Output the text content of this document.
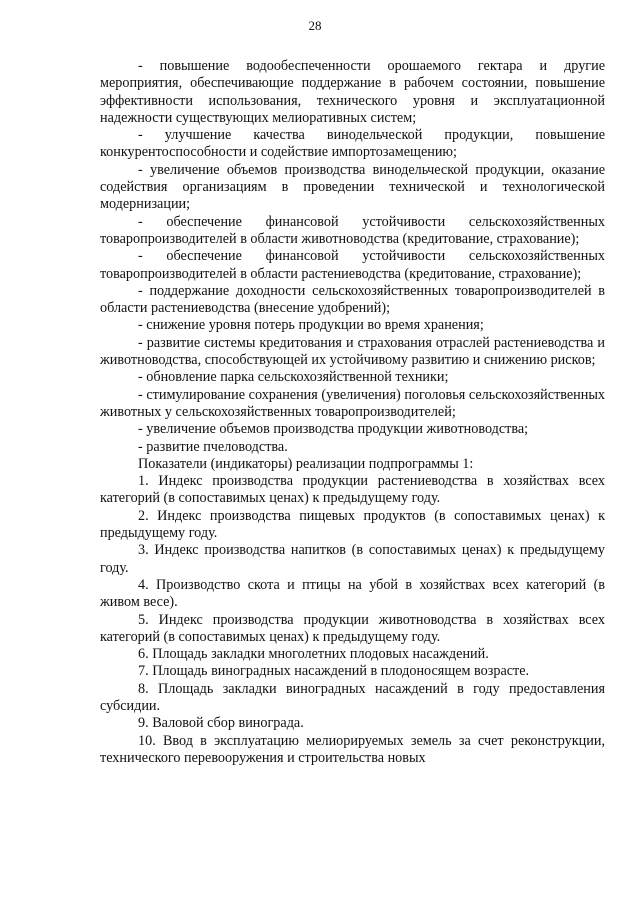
28

- повышение водообеспеченности орошаемого гектара и другие мероприятия, обеспечивающие поддержание в рабочем состоянии, повышение эффективности использования, технического уровня и эксплуатационной надежности существующих мелиоративных систем;

- улучшение качества винодельческой продукции, повышение конкурентоспособности и содействие импортозамещению;

- увеличение объемов производства винодельческой продукции, оказание содействия организациям в проведении технической и технологической модернизации;

- обеспечение финансовой устойчивости сельскохозяйственных товаропроизводителей в области животноводства (кредитование, страхование);

- обеспечение финансовой устойчивости сельскохозяйственных товаропроизводителей в области растениеводства (кредитование, страхование);

- поддержание доходности сельскохозяйственных товаропроизводителей в области растениеводства (внесение удобрений);

- снижение уровня потерь продукции во время хранения;

- развитие системы кредитования и страхования отраслей растениеводства и животноводства, способствующей их устойчивому развитию и снижению рисков;

- обновление парка сельскохозяйственной техники;

- стимулирование сохранения (увеличения) поголовья сельскохозяйственных животных у сельскохозяйственных товаропроизводителей;

- увеличение объемов производства продукции животноводства;

- развитие пчеловодства.

Показатели (индикаторы) реализации подпрограммы 1:

1. Индекс производства продукции растениеводства в хозяйствах всех категорий (в сопоставимых ценах) к предыдущему году.

2. Индекс производства пищевых продуктов (в сопоставимых ценах) к предыдущему году.

3. Индекс производства напитков (в сопоставимых ценах) к предыдущему году.

4. Производство скота и птицы на убой в хозяйствах всех категорий (в живом весе).

5. Индекс производства продукции животноводства в хозяйствах всех категорий (в сопоставимых ценах) к предыдущему году.

6. Площадь закладки многолетних плодовых насаждений.

7. Площадь виноградных насаждений в плодоносящем возрасте.

8. Площадь закладки виноградных насаждений в году предоставления субсидии.

9. Валовой сбор винограда.

10. Ввод в эксплуатацию мелиорируемых земель за счет реконструкции, технического перевооружения и строительства новых
